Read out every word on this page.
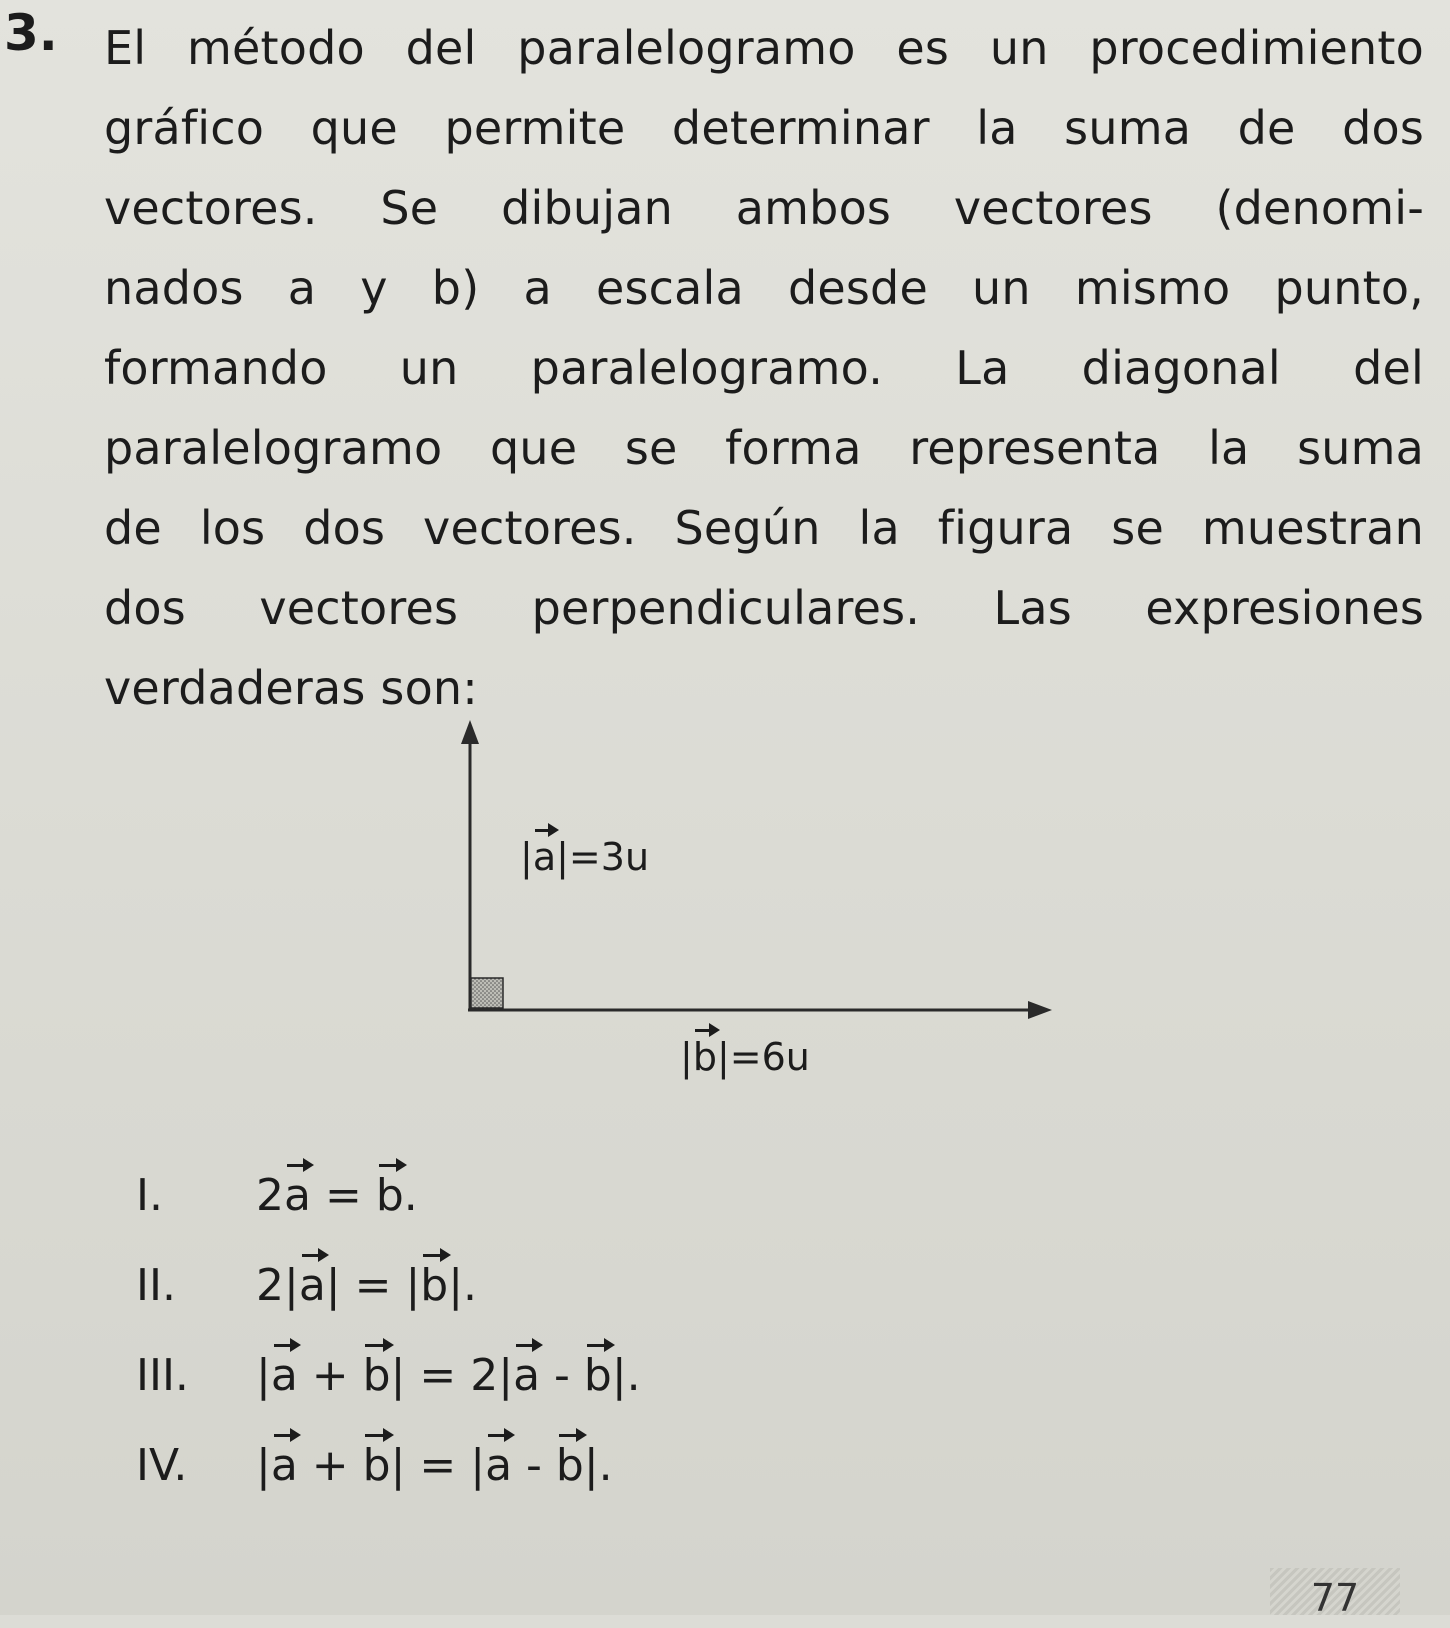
3. El método del paralelogramo es un procedimiento
gráfico que permite determinar la suma de dos
vectores. Se dibujan ambos vectores (denomi-
nados a y b) a escala desde un mismo punto,
formando un paralelogramo. La diagonal del
paralelogramo que se forma representa la suma
de los dos vectores. Según la figura se muestran
dos vectores perpendiculares. Las expresiones
verdaderas son:
|a|=3u
|b|=6u
I. 2a = b.
II. 2|a| = |b|.
III. |a + b| = 2|a - b|.
IV. |a + b| = |a - b|.
77
